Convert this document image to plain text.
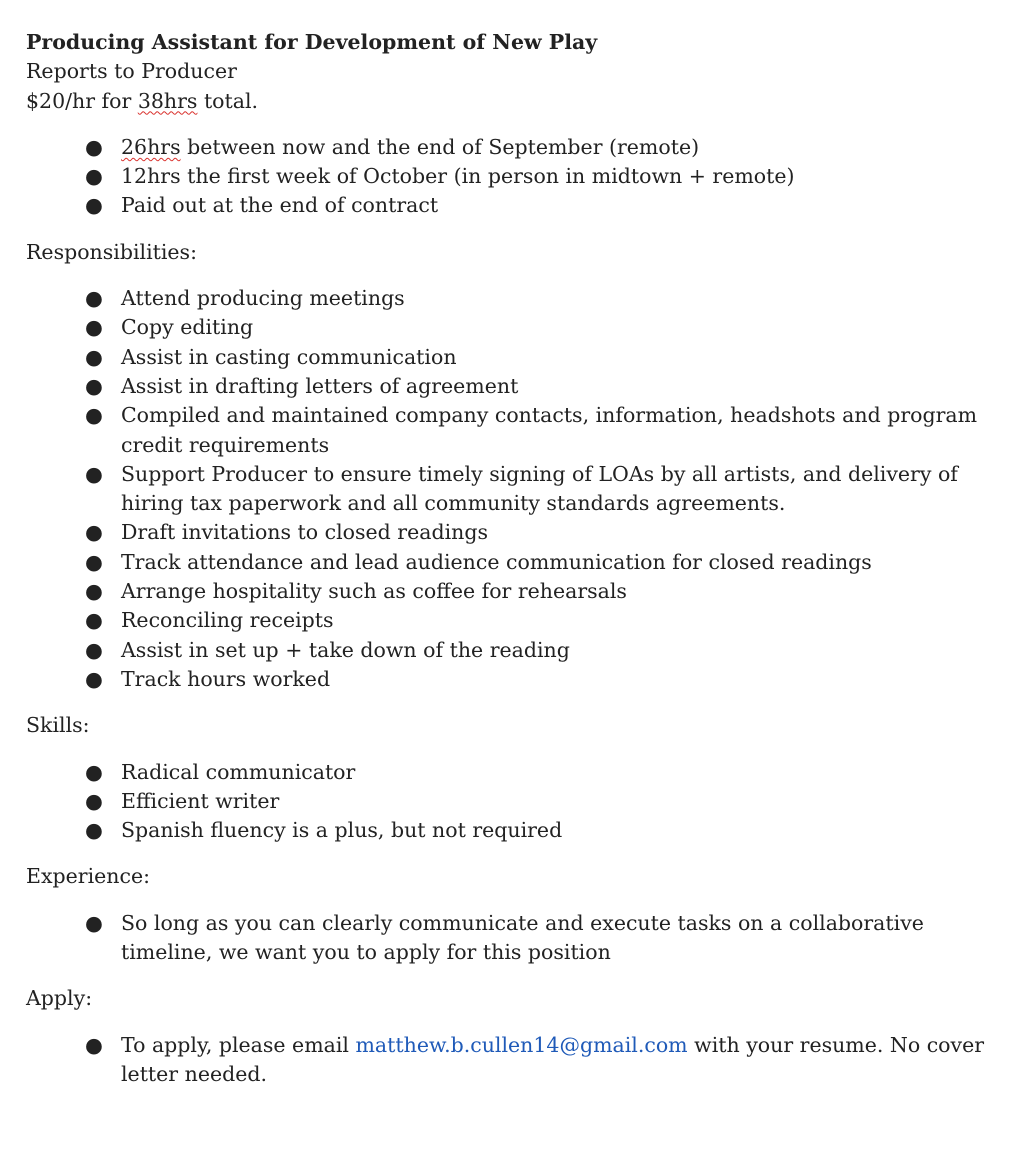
Producing Assistant for Development of New Play
Reports to Producer
$20/hr for 38hrs total.
● 26hrs between now and the end of September (remote)
● 12hrs the first week of October (in person in midtown + remote)
● Paid out at the end of contract
Responsibilities:
● Attend producing meetings
● Copy editing
● Assist in casting communication
● Assist in drafting letters of agreement
● Compiled and maintained company contacts, information, headshots and program credit requirements
● Support Producer to ensure timely signing of LOAs by all artists, and delivery of hiring tax paperwork and all community standards agreements.
● Draft invitations to closed readings
● Track attendance and lead audience communication for closed readings
● Arrange hospitality such as coffee for rehearsals
● Reconciling receipts
● Assist in set up + take down of the reading
● Track hours worked
Skills:
● Radical communicator
● Efficient writer
● Spanish fluency is a plus, but not required
Experience:
● So long as you can clearly communicate and execute tasks on a collaborative timeline, we want you to apply for this position
Apply:
● To apply, please email matthew.b.cullen14@gmail.com with your resume. No cover letter needed.
